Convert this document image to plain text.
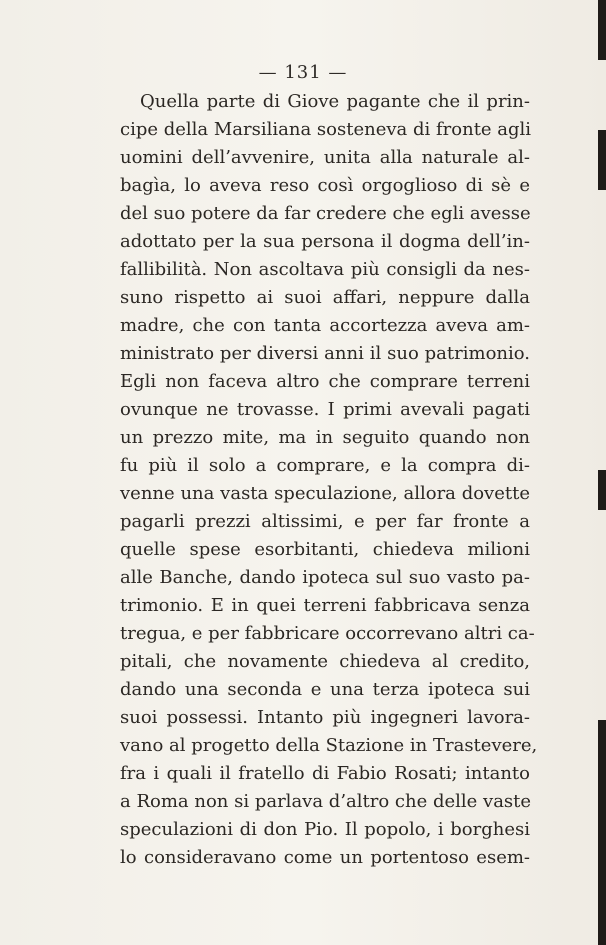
— 131 —
Quella parte di Giove pagante che il prin-
cipe della Marsiliana sosteneva di fronte agli
uomini dell’avvenire, unita alla naturale al-
bagìa, lo aveva reso così orgoglioso di sè e
del suo potere da far credere che egli avesse
adottato per la sua persona il dogma dell’in-
fallibilità. Non ascoltava più consigli da nes-
suno rispetto ai suoi affari, neppure dalla
madre, che con tanta accortezza aveva am-
ministrato per diversi anni il suo patrimonio.
Egli non faceva altro che comprare terreni
ovunque ne trovasse. I primi avevali pagati
un prezzo mite, ma in seguito quando non
fu più il solo a comprare, e la compra di-
venne una vasta speculazione, allora dovette
pagarli prezzi altissimi, e per far fronte a
quelle spese esorbitanti, chiedeva milioni
alle Banche, dando ipoteca sul suo vasto pa-
trimonio. E in quei terreni fabbricava senza
tregua, e per fabbricare occorrevano altri ca-
pitali, che novamente chiedeva al credito,
dando una seconda e una terza ipoteca sui
suoi possessi. Intanto più ingegneri lavora-
vano al progetto della Stazione in Trastevere,
fra i quali il fratello di Fabio Rosati; intanto
a Roma non si parlava d’altro che delle vaste
speculazioni di don Pio. Il popolo, i borghesi
lo consideravano come un portentoso esem-
